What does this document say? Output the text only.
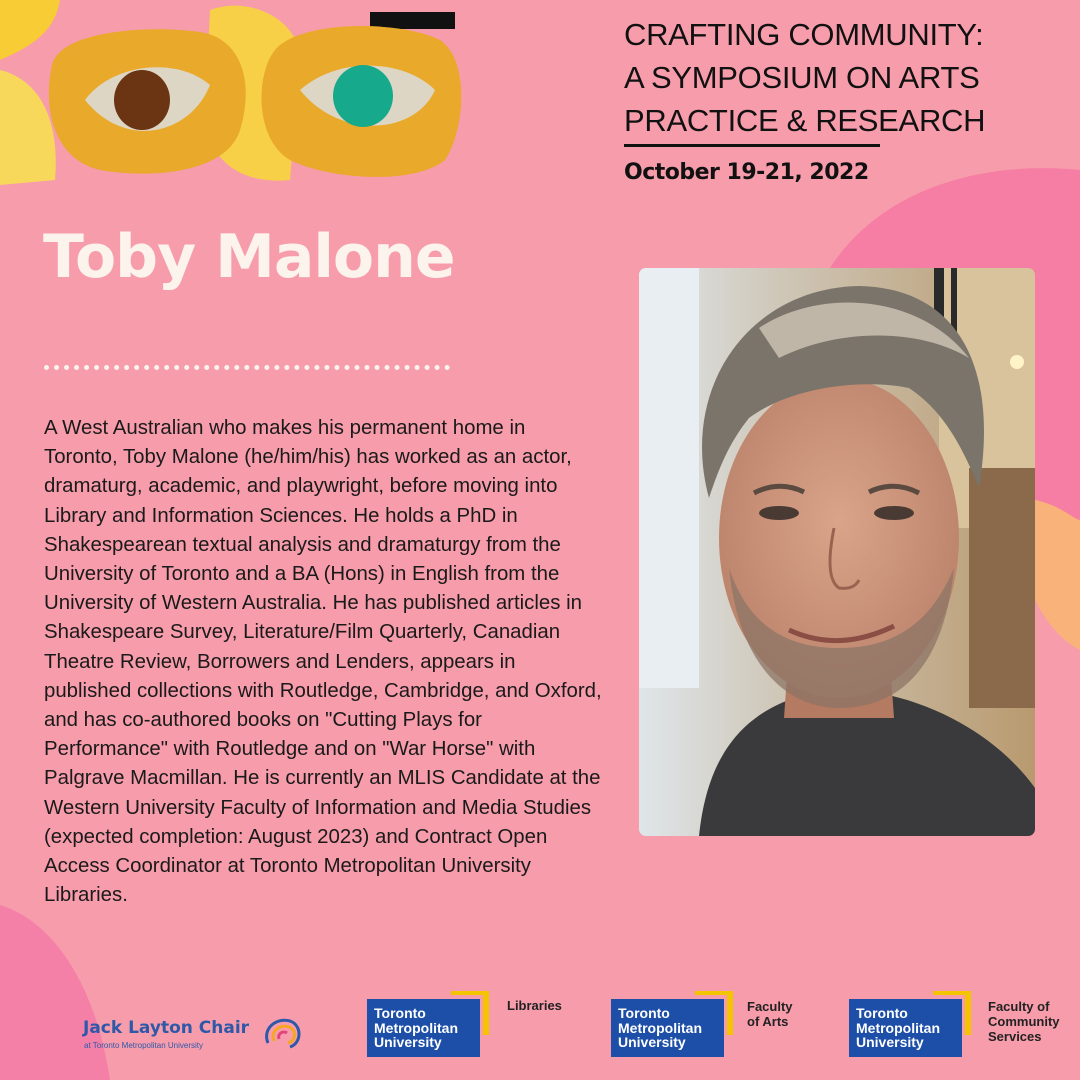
CRAFTING COMMUNITY:
A SYMPOSIUM ON ARTS
PRACTICE & RESEARCH
October 19-21, 2022
Toby Malone

A West Australian who makes his permanent home in Toronto, Toby Malone (he/him/his) has worked as an actor, dramaturg, academic, and playwright, before moving into Library and Information Sciences. He holds a PhD in Shakespearean textual analysis and dramaturgy from the University of Toronto and a BA (Hons) in English from the University of Western Australia. He has published articles in Shakespeare Survey, Literature/Film Quarterly, Canadian Theatre Review, Borrowers and Lenders, appears in published collections with Routledge, Cambridge, and Oxford, and has co-authored books on "Cutting Plays for Performance" with Routledge and on "War Horse" with Palgrave Macmillan. He is currently an MLIS Candidate at the Western University Faculty of Information and Media Studies (expected completion: August 2023) and Contract Open Access Coordinator at Toronto Metropolitan University Libraries.

Jack Layton Chair
at Toronto Metropolitan University
Toronto
Metropolitan
University
Libraries	Toronto
Metropolitan
University
Faculty
of Arts
Toronto
Metropolitan
University
Faculty of
Community
Services
